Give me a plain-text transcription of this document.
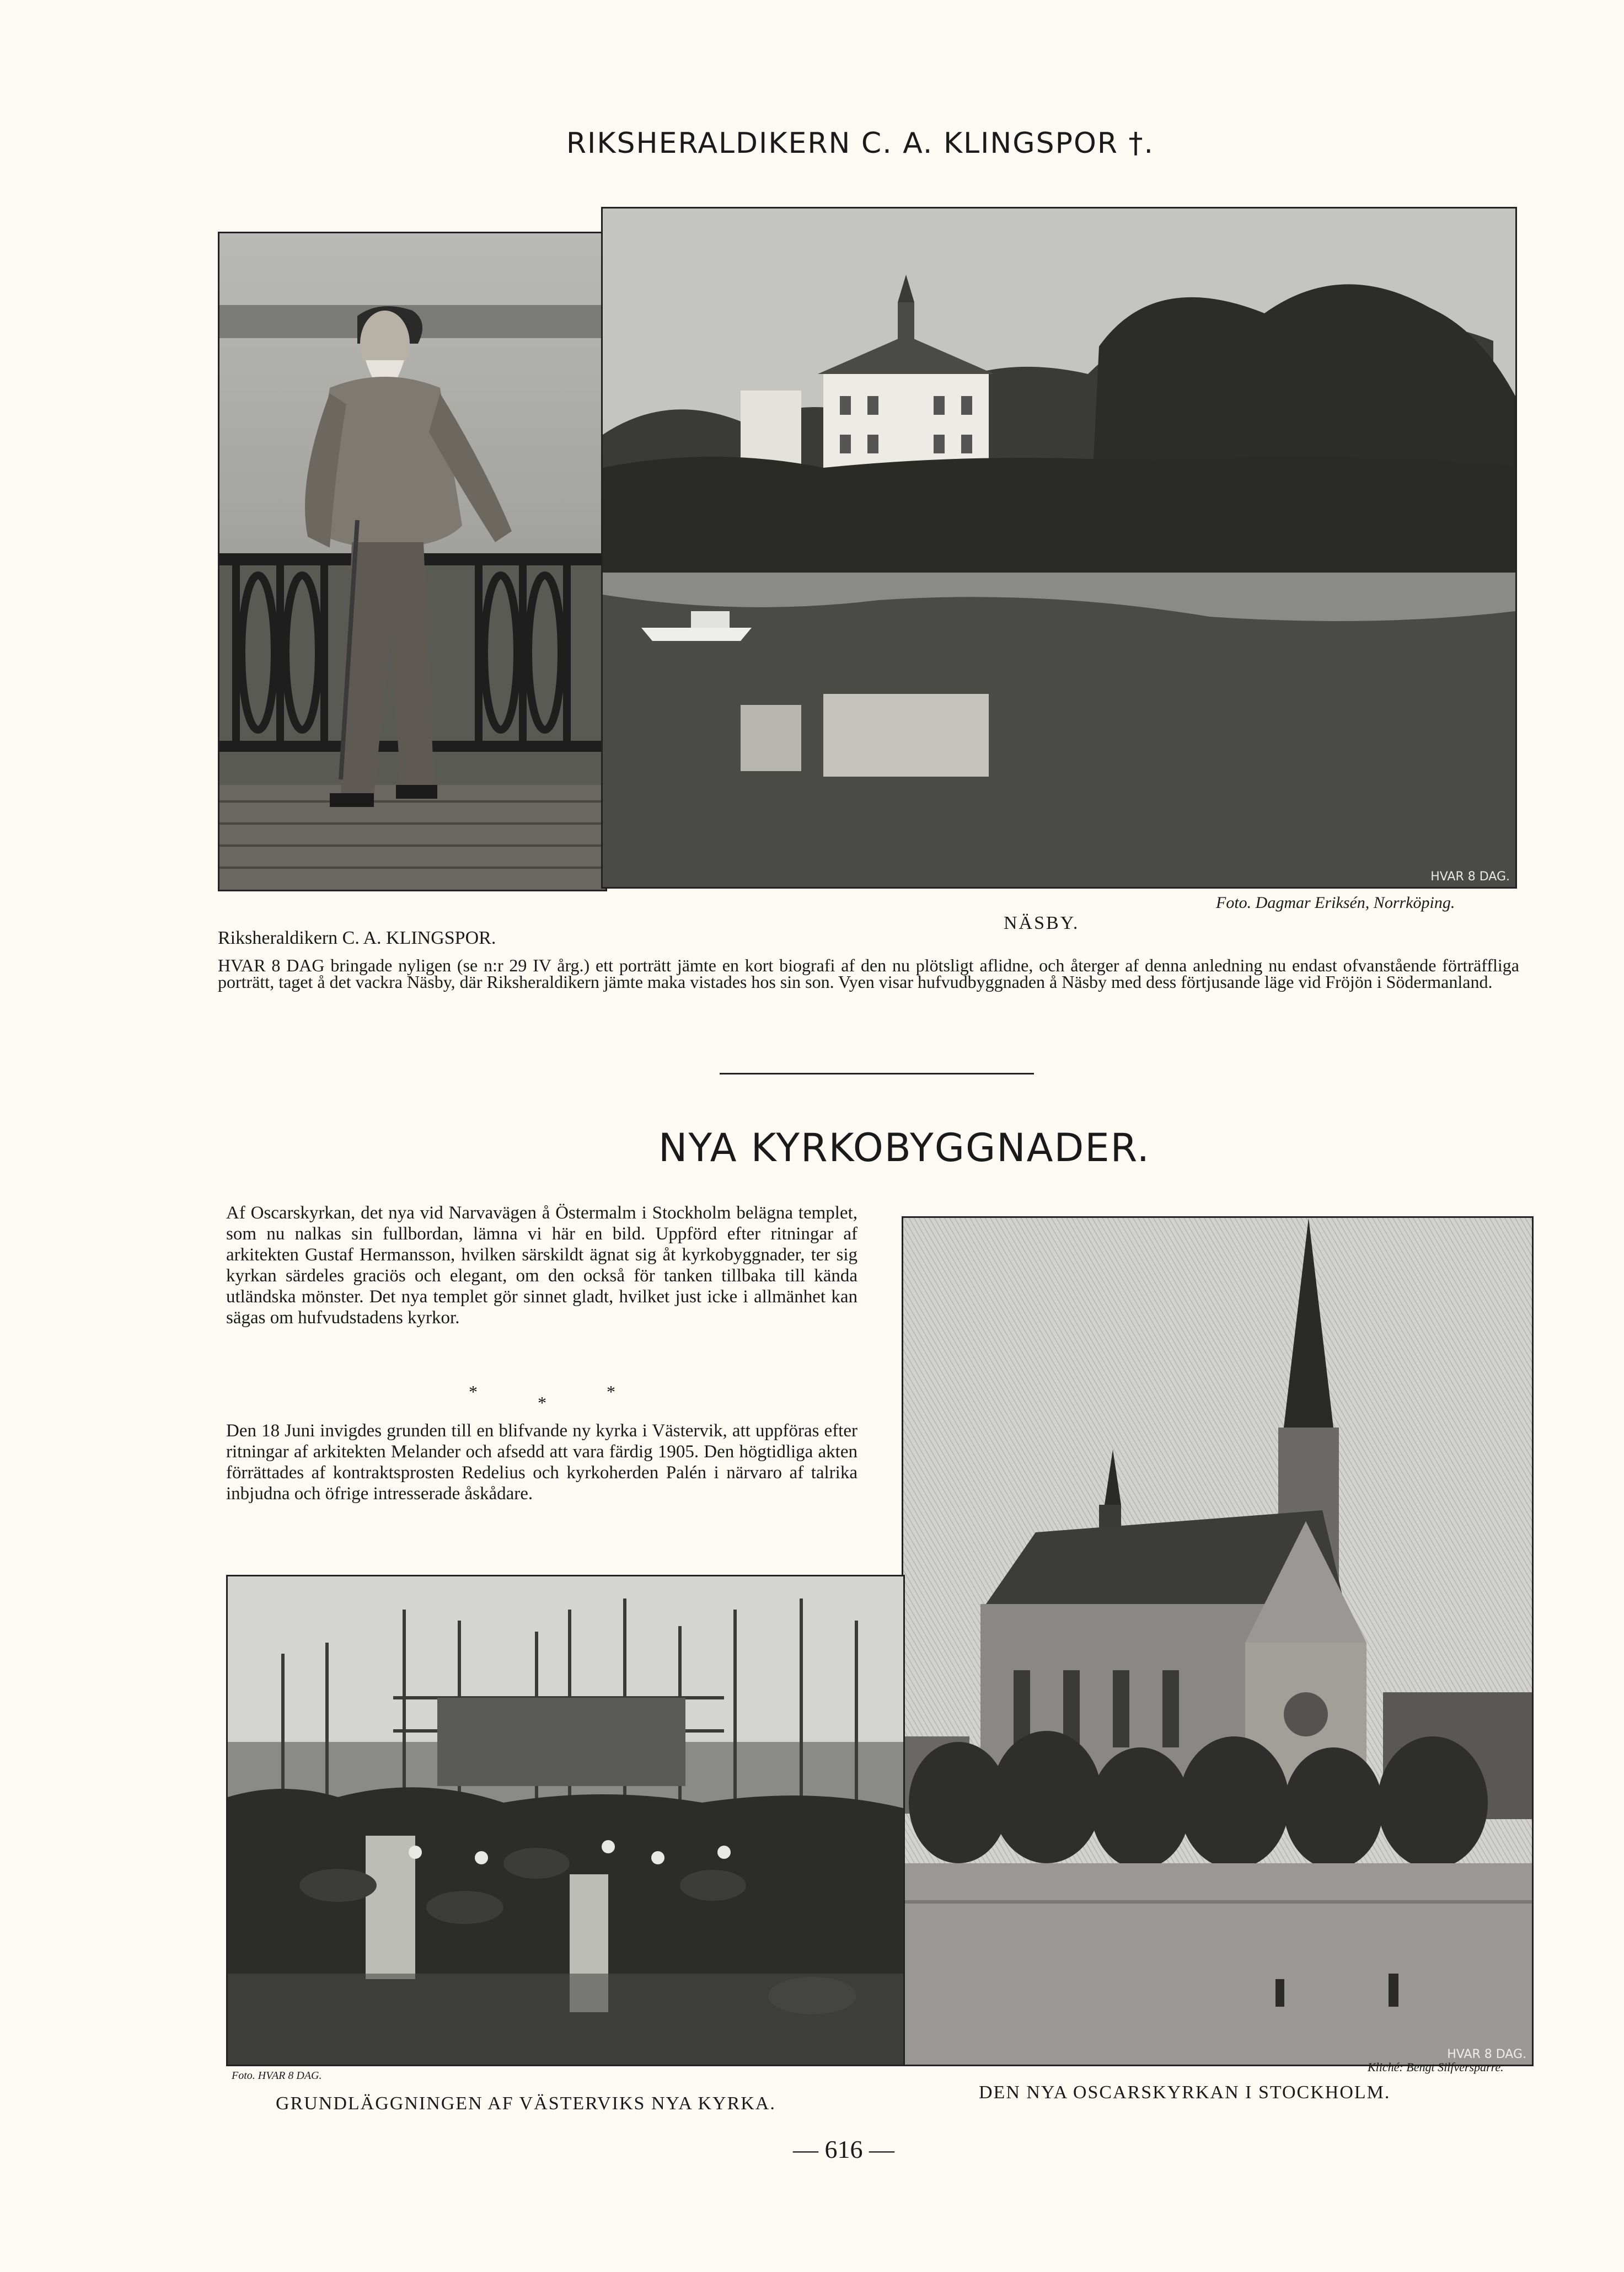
RIKSHERALDIKERN C. A. KLINGSPOR †.
HVAR 8 DAG.
Foto. Dagmar Eriksén, Norrköping.
Riksheraldikern C. A. KLINGSPOR.
NÄSBY.
HVAR 8 DAG bringade nyligen (se n:r 29 IV årg.) ett porträtt jämte en kort biografi af den nu plötsligt aflidne, och återger af denna anledning nu endast ofvanstående förträffliga porträtt, taget å det vackra Näsby, där Riksheraldikern jämte maka vistades hos sin son. Vyen visar hufvudbyggnaden å Näsby med dess förtjusande läge vid Fröjön i Södermanland.
NYA KYRKOBYGGNADER.
Af Oscarskyrkan, det nya vid Narvavägen å Östermalm i Stockholm belägna templet, som nu nalkas sin fullbordan, lämna vi här en bild. Uppförd efter ritningar af arkitekten Gustaf Hermansson, hvilken särskildt ägnat sig åt kyrkobyggnader, ter sig kyrkan särdeles graciös och elegant, om den också för tanken tillbaka till kända utländska mönster. Det nya templet gör sinnet gladt, hvilket just icke i allmänhet kan sägas om hufvudstadens kyrkor.
*
*
*
Den 18 Juni invigdes grunden till en blifvande ny kyrka i Västervik, att uppföras efter ritningar af arkitekten Melander och afsedd att vara färdig 1905. Den högtidliga akten förrättades af kontraktsprosten Redelius och kyrkoherden Palén i närvaro af talrika inbjudna och öfrige intresserade åskådare.
HVAR 8 DAG.
Foto. HVAR 8 DAG.
Kliché: Bengt Silfversparre.
GRUNDLÄGGNINGEN AF VÄSTERVIKS NYA KYRKA.
DEN NYA OSCARSKYRKAN I STOCKHOLM.
— 616 —
